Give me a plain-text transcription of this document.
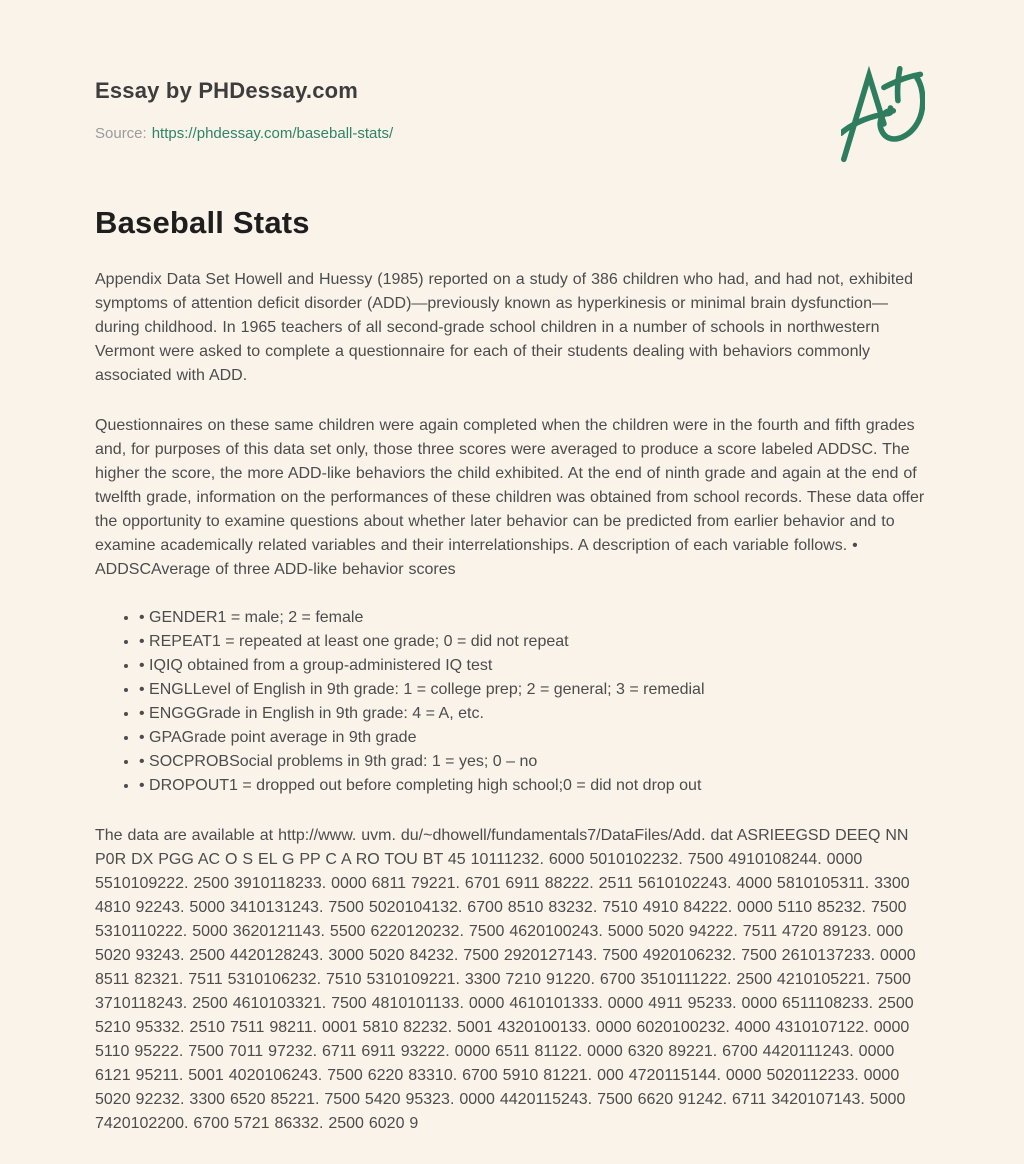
Essay by PHDessay.com
Source: https://phdessay.com/baseball-stats/
Baseball Stats

Appendix Data Set Howell and Huessy (1985) reported on a study of 386 children who had, and had not, exhibited symptoms of attention deficit disorder (ADD)—previously known as hyperkinesis or minimal brain dysfunction—during childhood. In 1965 teachers of all second-grade school children in a number of schools in northwestern Vermont were asked to complete a questionnaire for each of their students dealing with behaviors commonly associated with ADD.

Questionnaires on these same children were again completed when the children were in the fourth and fifth grades and, for purposes of this data set only, those three scores were averaged to produce a score labeled ADDSC. The higher the score, the more ADD-like behaviors the child exhibited. At the end of ninth grade and again at the end of twelfth grade, information on the performances of these children was obtained from school records. These data offer the opportunity to examine questions about whether later behavior can be predicted from earlier behavior and to examine academically related variables and their interrelationships. A description of each variable follows. • ADDSCAverage of three ADD-like behavior scores

• • GENDER1 = male; 2 = female
• • REPEAT1 = repeated at least one grade; 0 = did not repeat
• • IQIQ obtained from a group-administered IQ test
• • ENGLLevel of English in 9th grade: 1 = college prep; 2 = general; 3 = remedial
• • ENGGGrade in English in 9th grade: 4 = A, etc.
• • GPAGrade point average in 9th grade
• • SOCPROBSocial problems in 9th grad: 1 = yes; 0 – no
• • DROPOUT1 = dropped out before completing high school;0 = did not drop out

The data are available at http://www. uvm. du/~dhowell/fundamentals7/DataFiles/Add. dat ASRIEEGSD DEEQ NN P0R DX PGG AC O S EL G PP C A RO TOU BT 45 10111232. 6000 5010102232. 7500 4910108244. 0000 5510109222. 2500 3910118233. 0000 6811 79221. 6701 6911 88222. 2511 5610102243. 4000 5810105311. 3300 4810 92243. 5000 3410131243. 7500 5020104132. 6700 8510 83232. 7510 4910 84222. 0000 5110 85232. 7500 5310110222. 5000 3620121143. 5500 6220120232. 7500 4620100243. 5000 5020 94222. 7511 4720 89123. 000 5020 93243. 2500 4420128243. 3000 5020 84232. 7500 2920127143. 7500 4920106232. 7500 2610137233. 0000 8511 82321. 7511 5310106232. 7510 5310109221. 3300 7210 91220. 6700 3510111222. 2500 4210105221. 7500 3710118243. 2500 4610103321. 7500 4810101133. 0000 4610101333. 0000 4911 95233. 0000 6511108233. 2500 5210 95332. 2510 7511 98211. 0001 5810 82232. 5001 4320100133. 0000 6020100232. 4000 4310107122. 0000 5110 95222. 7500 7011 97232. 6711 6911 93222. 0000 6511 81122. 0000 6320 89221. 6700 4420111243. 0000 6121 95211. 5001 4020106243. 7500 6220 83310. 6700 5910 81221. 000 4720115144. 0000 5020112233. 0000 5020 92232. 3300 6520 85221. 7500 5420 95323. 0000 4420115243. 7500 6620 91242. 6711 3420107143. 5000 7420102200. 6700 5721 86332. 2500 6020 9
